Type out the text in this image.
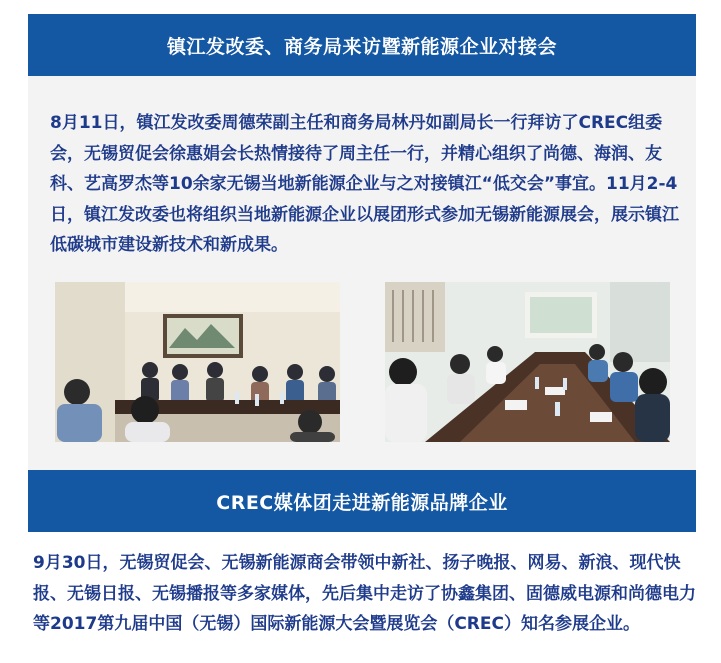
镇江发改委、商务局来访暨新能源企业对接会

8月11日，镇江发改委周德荣副主任和商务局林丹如副局长一行拜访了CREC组委会，无锡贸促会徐惠娟会长热情接待了周主任一行，并精心组织了尚德、海润、友科、艺高罗杰等10余家无锡当地新能源企业与之对接镇江“低交会”事宜。11月2-4日，镇江发改委也将组织当地新能源企业以展团形式参加无锡新能源展会，展示镇江低碳城市建设新技术和新成果。

CREC媒体团走进新能源品牌企业

9月30日，无锡贸促会、无锡新能源商会带领中新社、扬子晚报、网易、新浪、现代快报、无锡日报、无锡播报等多家媒体，先后集中走访了协鑫集团、固德威电源和尚德电力等2017第九届中国（无锡）国际新能源大会暨展览会（CREC）知名参展企业。
